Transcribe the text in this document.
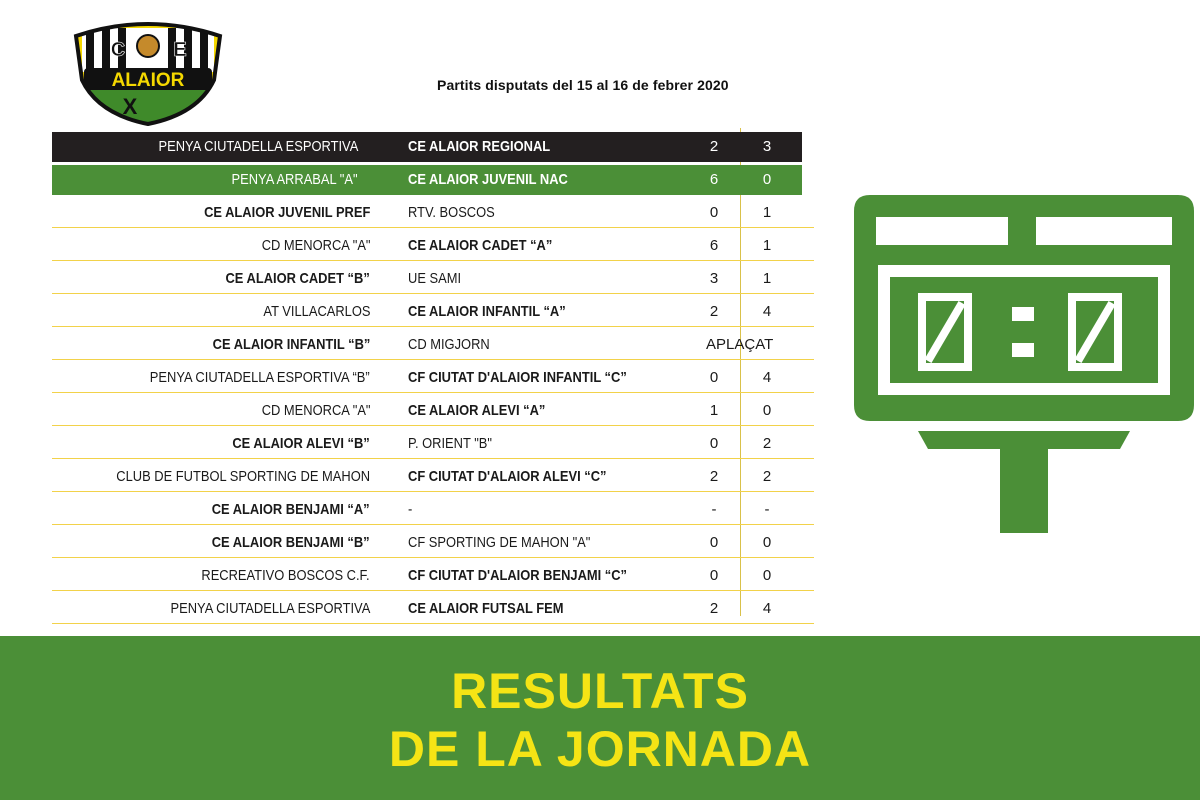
C E
ALAIOR
X
Partits disputats del 15 al 16 de febrer 2020
PENYA CIUTADELLA ESPORTIVA	CE ALAIOR REGIONAL	2	3
PENYA ARRABAL "A"	CE ALAIOR JUVENIL NAC	6	0
CE ALAIOR JUVENIL PREF	RTV. BOSCOS	0	1
CD MENORCA "A"	CE ALAIOR CADET “A”	6	1
CE ALAIOR CADET “B”	UE SAMI	3	1
AT VILLACARLOS	CE ALAIOR INFANTIL “A”	2	4
CE ALAIOR INFANTIL “B”	CD MIGJORN	APLAÇAT
PENYA CIUTADELLA ESPORTIVA “B”	CF CIUTAT D'ALAIOR INFANTIL “C”	0	4
CD MENORCA "A"	CE ALAIOR ALEVI “A”	1	0
CE ALAIOR ALEVI “B”	P. ORIENT "B"	0	2
CLUB DE FUTBOL SPORTING DE MAHON	CF CIUTAT D'ALAIOR ALEVI “C”	2	2
CE ALAIOR BENJAMI “A”	-	-	-
CE ALAIOR BENJAMI “B”	CF SPORTING DE MAHON "A"	0	0
RECREATIVO BOSCOS C.F.	CF CIUTAT D'ALAIOR BENJAMI “C”	0	0
PENYA CIUTADELLA ESPORTIVA	CE ALAIOR FUTSAL FEM	2	4
RESULTATS
DE LA JORNADA
